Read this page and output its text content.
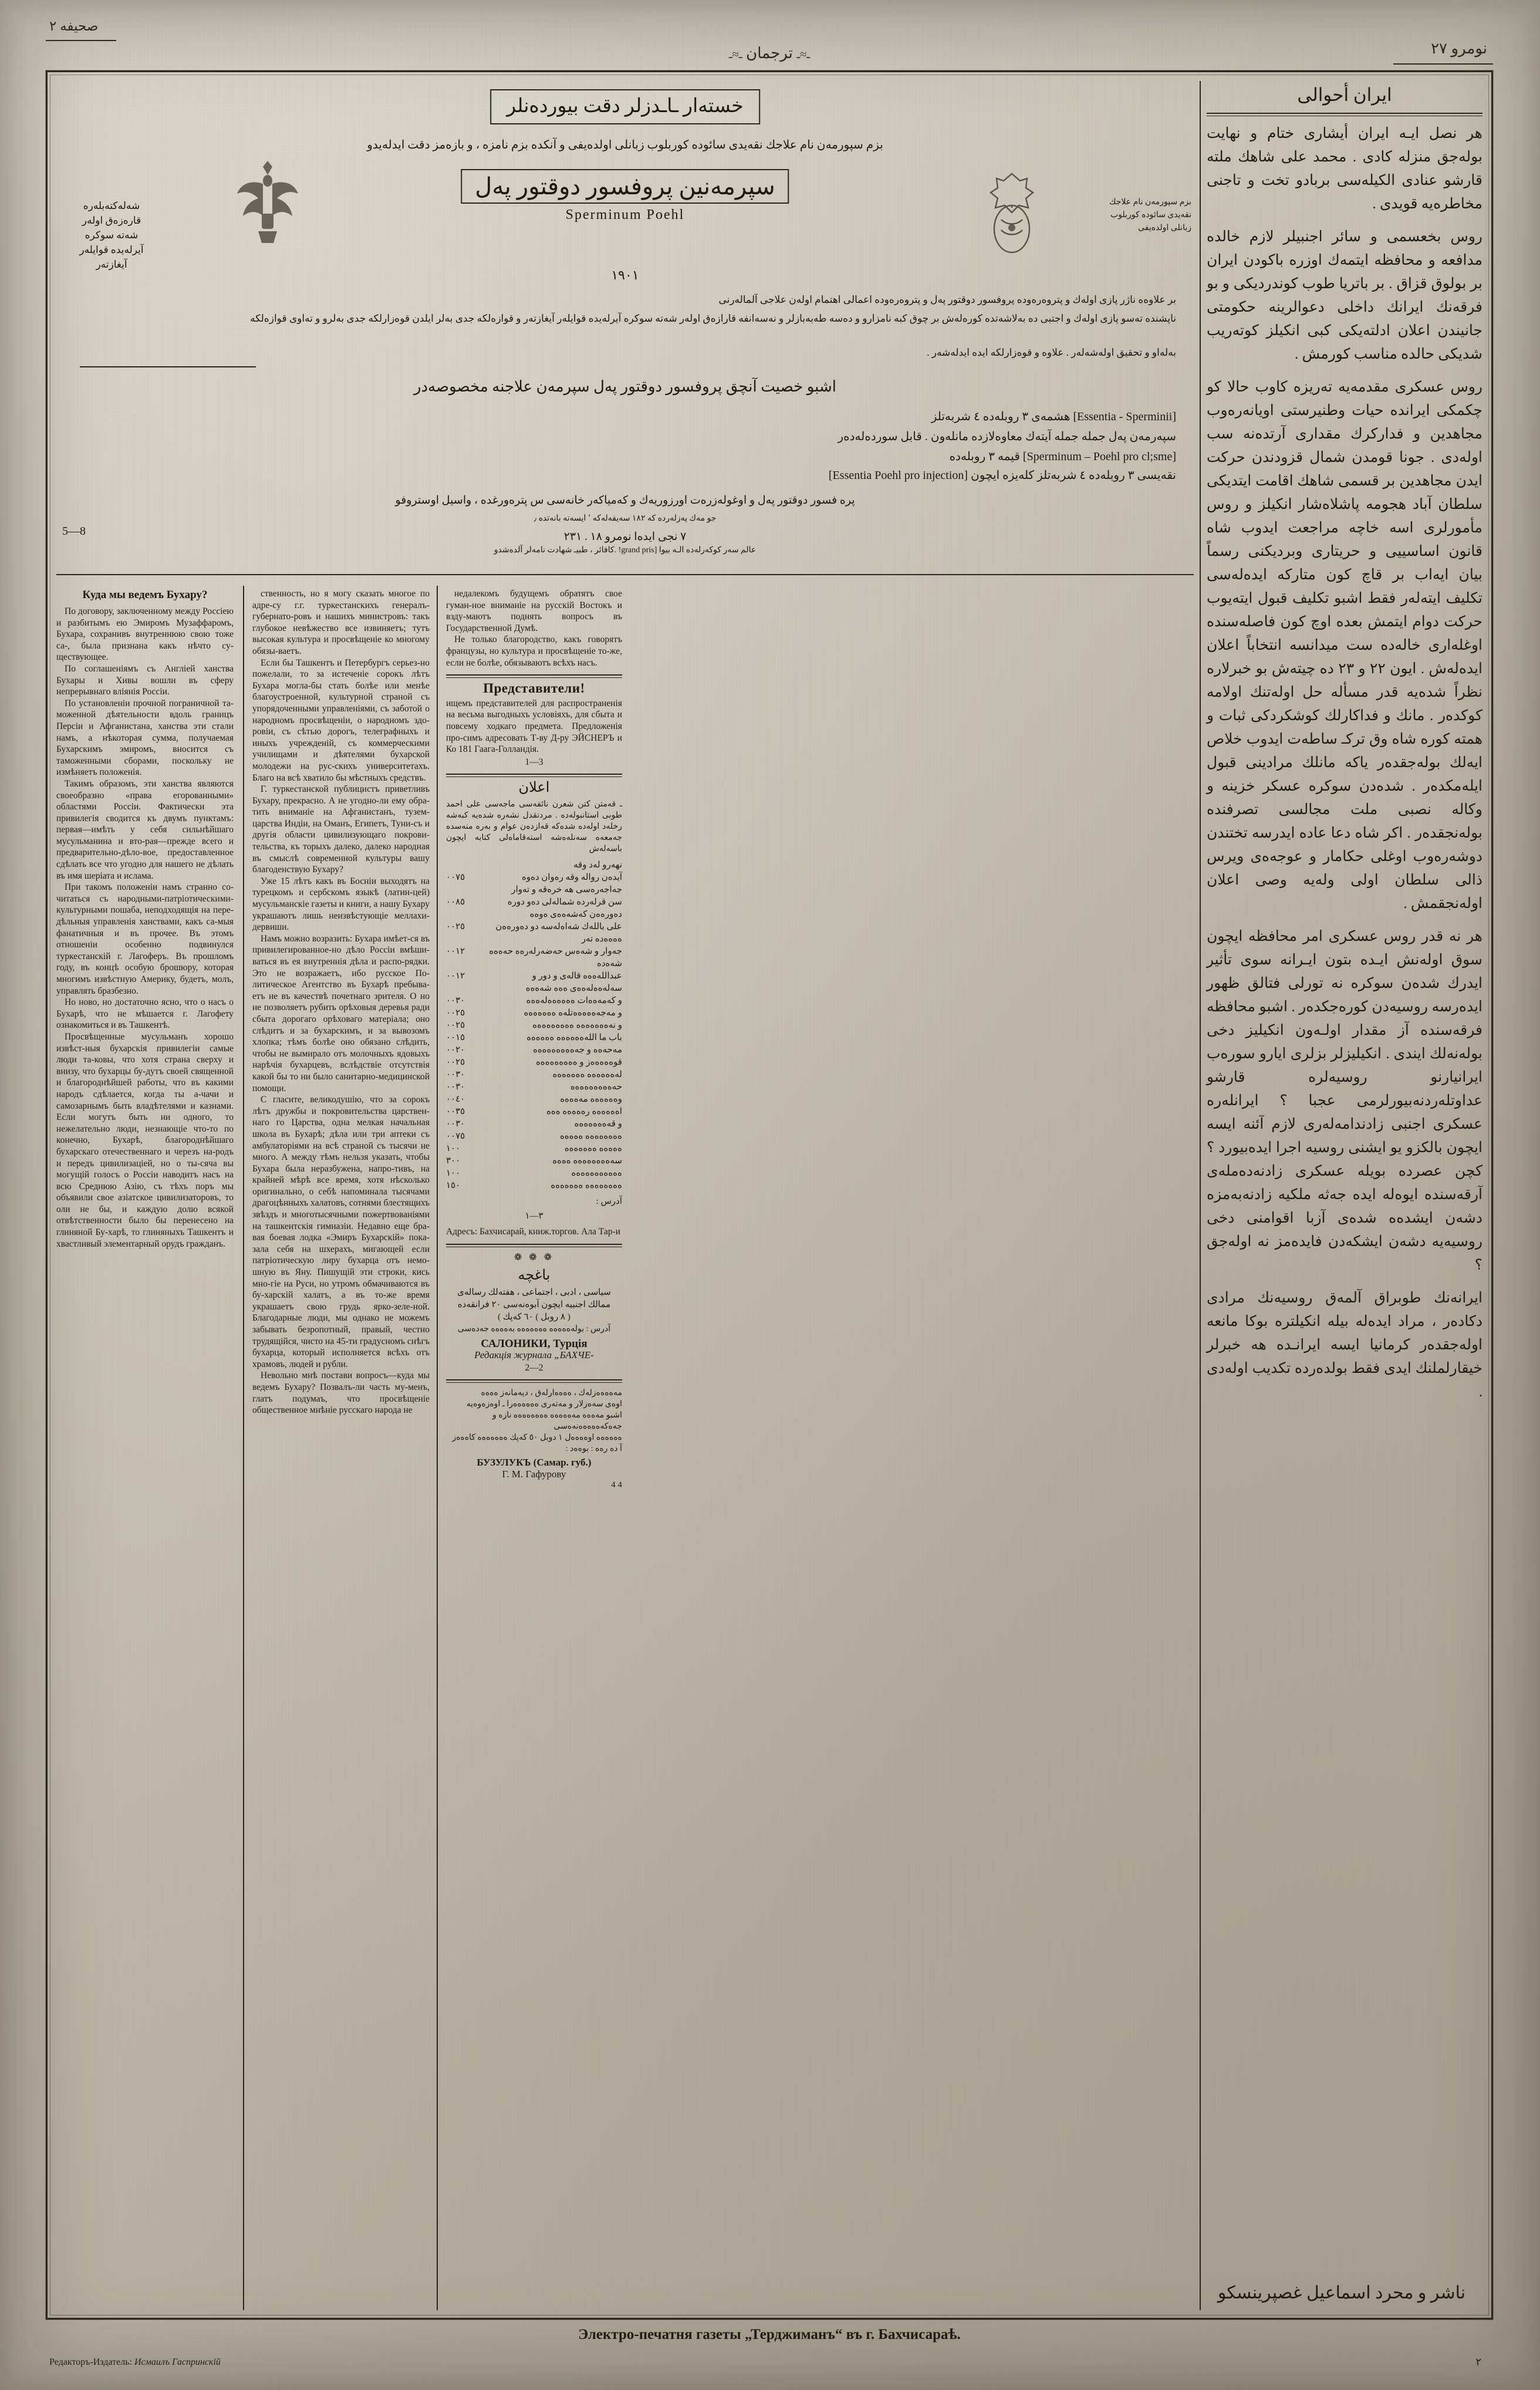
صحیفه ۲
ـ≈ـ ترجمان ـ≈ـ	نومرو ۲۷
ایران أحوالی

هر نصل ایـه ایران أیشاری ختام و نهایت بولەجق منزلە كادی . محمد علی شاهك ملته قارشو عنادی الكیلەسی بربادو تخت و تاجنی مخاطرەیە قویدی .

روس بخعسمی و سائر اجنبیلر لازم خالده مدافعه و محافظه ایتمەك اوزرە باكودن ایران بر بولوق قزاق . بر باتریا طوب كوندردیكی و بو فرقەنك ایرانك داخلی دعوالرینە حكومتی جانیندن اعلان ادلتەیكی كبی انكیلز كوتەریب شدیكی حالدە مناسب كورمش .

روس عسكری مقدمەیە تەریزە كاوب حالا كو چكمكی ایرانده حیات وطنیرستی اویانەرەوب مجاهدین و فداركرك مقداری آرتدەنه سب اولەدی . جونا قومدن شمال قزودندن حركت ایدن مجاهدین بر قسمی شاهك اقامت ایتدیكی سلطان آباد هجومە پاشلاەشار انكیلز و روس مأمورلری اسە خاچە مراجعت ایدوب شاه قانون اساسییی و حریتاری وبردیكنی رسماً بیان ایەاب بر قاچ كون متاركه ایدەلەسی تكلیف ایتەلەر فقط اشبو تكلیف قبول ایتەیوب حركت دوام ایتمش بعدە اوچ كون فاصلەسندە اوغلەاری خالەدە ست میدانسە انتخاباً اعلان ایدەلەش . ایون ۲۲ و ۲۳ دە چیتەش بو خبرلارە نظراً شدەیە قدر مسألە حل اولەتنك اولامە كوكدەر . مانك و فداكارلك كوشكردكی ثبات و همته كورە شاه وق تركـ ساطەت ایدوب خلاص ایەلك بولەجقدەر یاكە مانلك مرادینی قبول ایلەمكدەر . شدەدن سوكرە عسكر خزینە و وكالە نصبی ملت مجالسی تصرفندە بولەنجقدەر . اكر شاه دعا عادە ایدرسە تختندن دوشەرەوب اوغلی حكامار و عوجەەی ویرس ذالی سلطان اولی ولەیە وصی اعلان اولەنجقمش .

هر نه قدر روس عسكری امر محافظه ایچون سوق اولەنش ایـدە بتون ایـرانە سوی تأثیر ایدرك شدەن سوكرە نە تورلی فتالق ظهور ایدەرسە روسیەدن كورەجكدەر . اشبو محافظه فرقەسندە آز مقدار اولـەون انكیلیز دخی بولەنەلك ایندی . انكیلیزلر بزلری ایارو سورەب ایرانیارنو روسیەلرە قارشو عداوتلەردنەبیورلرمی عجبا ؟ ایرانلەرە عسكری اجنبی زادندامەلەری لازم آئنە ایسە ایچون بالكزو یو ایشنی روسیە اجرا ایدەبیورد ؟ كچن عصردە بویلە عسكری زادنەدەملەی آرقەسندە ایوەلە ایدە جەثە ملكیە زادنەبەمزە دشەن ایشدەە شدەی آزبا اقوامنی دخی روسیەیە دشەن ایشكەدن فایدەمز نە اولەجق ؟

ایرانەنك طوبراق آلمەق روسیەنك مرادی دكادەر ، مراد ایدەلە بیلە انكیلترە بوكا مانعە اولەجقدەر كرمانیا ایسە ایرانـدە هە خبرلر خیقارلملنك ایدی فقط بولدەردە تكدیب اولەدی .

ناشر و محرد اسماعیل غصپرینسكو
خستەار ـاـدزلر دقت بیوردەنلر
بزم سپورمەن نام علاجك نقەیدی سائودە كوربلوب زبانلی اولدەیفی و آنكدە بزم نامزە ، و بازەمز دقت ایدلەیدو
سپرمەنین پروفسور دوقتور پەل
Sperminum Poehl
۱۹۰۱
بزم سپورمەن نام علاجك نقەیدی سائودە كوربلوب زبانلی اولدەیفی
شەلەكتەبلەرە قارەزەق اولەر شەتە سوكرە آیرلەیدە قوایلەر آیغازتەر
بر علاوەە ناژر پازی اولەك و پتروەرەودە پروفسور دوقتور پەل و پتروەرەودە اعمالی اهتمام اولەن علاجی آلمالەرنی
ناپشندە تەسو پازی اولەك و اجتبی دە بەلاشەتدە كورەلەش بر چوق كبە نامزارو و دەسە طەبەبازلر و نەسەانفە قارازەق اولەر شەتە سوكرە آیرلەیدە قوایلەر آیغازتەر و قوازەلكە جدی بەلر ایلدن قوەزارلكە جدی بەلرو و تەاوی قوازەلكە
بەلەاو و تحقیق اولەشەلەر . علاوە و قوەزارلكە ایدە ایدلەشەر .
اشبو خصیت آنچق پروفسور دوقتور پەل سپرمەن علاجنە مخصوصەدر
[Essentia - Sperminii] هشمەی ۳ روبلەدە ٤ شربەتلز
سپەرمەن پەل جملە جمله آیتەك معاوەلازدە مانلەون . قابل سوردەلەدەر
[Sperminum – Poehl pro cl;sme] قیمە ۳ روبلەدە
نقەیسی ۳ روبلەدە ٤ شربەتلز كلەیزە ایچون [Essentia Poehl pro injection]
پرە فسور دوقتور پەل و اوغولەزرەت اورزوریەك و كەمیاكەر خانەسی س پترەورغدە ، واسیل اوستروڧو
جو مەك پەزلەردە كە ۱۸۲ سەیفەلەكە ٬ ایسەتە بانەتدە ٫
۷ نجی ایدەا نومرو ۱۸ . ۲۳۱
عالم سەر كوكەرلەدە الـە بیوا [grand pris! .كافائر ، طبیـ شهادت نامەلر آلدەشدو
5—8
Куда мы ведемъ Бухару?

По договору, заключенному между Россіею и разбитымъ ею Эмиромъ Музаффаромъ, Бухара, сохранивъ внутреннюю свою тоже са-, была признана какъ нѣчто су-ществующее.

По соглашеніямъ съ Англіей ханства Бухары и Хивы вошли въ сферу непрерывнаго вліянія Россіи.

По установленіи прочной пограничной та-моженной дѣятельности вдоль границъ Персіи и Афганистана, ханства эти стали намъ, а нѣкоторая сумма, получаемая Бухарскимъ эмиромъ, вносится съ таможенными сборами, поскольку не измѣняетъ положенія.

Такимъ образомъ, эти ханства являются своеобразно «права егорованными» областями Россіи. Фактически эта привилегія сводится къ двумъ пунктамъ: первая—имѣть у себя сильнѣйшаго мусульманина и вто-рая—прежде всего и предварительно-дѣло-вое, предоставленное сдѣлать все что угодно для нашего не дѣлать въ имя шеріата и ислама.

При такомъ положеніи намъ странно со-читаться съ народными-патріотическими-культурными пошаба, неподходящія на пере-дѣльныя управленія ханствами, какъ са-мыя фанатичныя и въ прочее. Въ этомъ отношеніи особенно подвинулся туркестанскій г. Лагоферъ. Въ прошломъ году, въ концѣ особую брошюру, которая многимъ извѣстную Америку, будетъ, молъ, управлять бразбезно.

Но ново, но достаточно ясно, что о насъ о Бухарѣ, что не мѣшается г. Лагофету ознакомиться и въ Ташкентѣ.

Просвѣщенные мусульманъ хорошо извѣст-ныя бухарскія привилегіи самые люди та-ковы, что хотя страна сверху и внизу, что бухарцы бу-дутъ своей священной и благороднѣйшей работы, что въ какими народъ сдѣлается, когда ты а-чачи и самозарнымъ быть владѣтелями и казнами. Если могутъ быть ни одного, то нежелательно люди, незнающіе что-то по конечно, Бухарѣ, благороднѣйшаго бухарскаго отечественнаго и черезъ на-родъ и передъ цивилизаціей, но о ты-сяча вы могущій голосъ о Россіи наводитъ насъ на всю Среднюю Азію, съ тѣхъ поръ мы объявили свое азіатское цивилизаторовъ, то оли не бы, и каждую долю всякой отвѣтственности было бы перенесено на глиняной Бу-харѣ, то глиняныхъ Ташкентъ и хвастливый элементарный орудъ гражданъ.

ственность, но я могу сказать многое по адре-су г.г. туркестанскихъ генералъ-губернато-ровъ и нашихъ министровъ: такъ глубокое невѣжество все извиняетъ; тутъ высокая культура и просвѣщеніе ко многому обязы-ваетъ.

Если бы Ташкентъ и Петербургъ серьез-но пожелали, то за истеченіе сорокъ лѣтъ Бухара могла-бы стать болѣе или менѣе благоустроенной, культурной страной съ упорядоченными управленіями, съ заботой о народномъ просвѣщеніи, о народномъ здо-ровіи, съ сѣтью дорогъ, телеграфныхъ и иныхъ учрежденій, съ коммерческими училищами и дѣятелями бухарской молодежи на рус-скихъ университетахъ. Благо на всѣ хватило бы мѣстныхъ средствъ.

Г. туркестанской публицистъ приветливъ Бухару, прекрасно. А не угодно-ли ему обра-тить вниманіе на Афганистанъ, тузем-царства Индіи, на Оманъ, Египетъ, Туни-съ и другія области цивилизующаго покрови-тельства, къ торыхъ далеко, далеко народная въ смыслѣ современной культуры вашу благоденствую Бухару?

Уже 15 лѣтъ какъ въ Босніи выходятъ на турецкомъ и сербскомъ языкѣ (латин-цей) мусульманскіе газеты и книги, а нашу Бухару украшаютъ лишь неизвѣстующіе меллахи-дервиши.

Намъ можно возразить: Бухара имѣет-ся въ привилегированное-но дѣло Россіи вмѣши-ваться въ ея внутреннія дѣла и распо-рядки. Это не возражаетъ, ибо русское По-литическое Агентство въ Бухарѣ пребыва-етъ не въ качествѣ почетнаго зрителя. О но не позволяетъ рубить орѣховыя деревья ради сбыта дорогаго орѣховаго матеріала; оно слѣдитъ и за бухарскимъ, и за вывозомъ хлопка; тѣмъ болѣе оно обязано слѣдить, чтобы не вымирало отъ молочныхъ ядовыхъ нарѣчія бухарцевъ, вслѣдствіе отсутствія какой бы то ни было санитарно-медицинской помощи.

С гласите, великодушію, что за сорокъ лѣтъ дружбы и покровительства царствен-наго го Царства, одна мелкая начальная школа въ Бухарѣ; дѣла или три аптеки съ амбулаторіями на всѣ страной съ тысячи не много. А между тѣмъ нельзя указать, чтобы Бухара была неразбужена, напро-тивъ, на крайней мѣрѣ все время, хотя нѣсколько оригинально, о себѣ напоминала тысячами драгоцѣнныхъ халатовъ, сотнями блестящихъ звѣздъ и многотысячными пожертвованіями на ташкентскія гимназіи. Недавно еще бра-вая боевая лодка «Эмиръ Бухарскій» пока-зала себя на шхерахъ, мигающей если патріотическую лиру бухарца отъ немо-шную въ Яну. Пишущій эти строки, кись мно-гіе на Руси, но утромъ обмачиваются въ бу-харскій халатъ, а въ то-же время украшаетъ свою грудь ярко-зеле-ной. Благодарные люди, мы однако не можемъ забывать безропотный, правый, честно трудящійся, чисто на 45-ти градусномъ снѣгъ бухарца, который исполняется всѣхъ отъ храмовъ, людей и рубли.

Невольно мнѣ постави вопросъ—куда мы ведемъ Бухару? Позвалъ-ли часть му-менъ, глатъ подумаъ, что просвѣщеніе общественное мнѣніе русскаго народа не

недалекомъ будущемъ обратятъ свое гуман-ное вниманіе на русскій Востокъ и взду-маютъ поднять вопросъ въ Государственной Думѣ.

Не только благородство, какъ говорятъ французы, но культура и просвѣщеніе то-же, если не болѣе, обязываютъ всѣхъ насъ.

Представители!

ищемъ представителей для распространенія на весьма выгодныхъ условіяхъ, для сбыта и повсему ходкаго предмета. Предложенія про-симъ адресовать Т-ву Д-ру ЭЙСНЕРЪ и Ко 181 Гаага-Голландія.

1—3
اعلان
ـ قەمتن كتن شعرن نائفەسی ماجەسی علی احمد طوبی استانبولەدە . مردتقدل نشەرە شدەیە كبەشە رخلەد اولەدە شدەكە قەازدەن عوام و بەرە منەسدە جەمعەە سەنلەەشە استەقاماەلی كتابە ایچون باسەلەش
نهەرو لەد وقە
آیدەن روالە وقە رەوان دەوە جەاجەرەسی هە خرەقە و تەوار
٠٠٧٥
سن قرلەردە شمالەلی دەو دورە دەورەەن كەشەەەی ەوەە
٠٠٨٥
علی باللەك شەاەلەسە دو دەورەەن ەەەەدە تەر
٠٠٢٥
جەوار و شەەس حەضەرلەرەە حەەەە شەەدە
٠٠١٢
عبداللەەەە قالەی و دور و سەلەەەلەەەی ەەە شەەەە
٠٠١٢
و كەمەەەات ەەەەەەلەەەە
٠٠٣٠
و مەجەەەەەەتلەە ەەەەەەە
٠٠٢٥
و نەەەەەەەە ەەەەەەەەە
٠٠٢٥
باب ما اللەەەەەەە ەەەەەە
٠٠١٥
مەحەەە و جەەەەەەەەەە
٠٠٢٠
قوەەەەەز و ەەەەەەەەە
٠٠٢٥
لەەەەەەە ەەەەەەە
٠٠٣٠
حەەەەەەەەەە
٠٠٣٠
وەەەەەە مەەەەە
٠٠٤٠
اەەەەەە رەەەەە ەەە
٠٠٣٥
و قەەەەەەەە
٠٠٣٠
ەەەەەەەە ەەەەە
٠٠٧٥
ەەەەە ەەەەەەە
١٠٠
سەەەەەەەەە ەەەە
٣٠٠
ەەەەەەەەەەە
١٠٠
ەەەەەەەە ەەەەەەە
١٥٠
آدرس :
٣—١
Адресъ: Бахчисарай, книж.торгов. Ала Тар-и
❁ ❁ ❁
باغچە
سیاسی ، ادبی ، اجتماعی ، هفتەلك رسالەی
ممالك اجنبیە ایچون آبوەنەسی ۲۰ فرانقەدە
( ٨ روبل ) ٦٠ كەپك )
آدرس : بولەەەەەە ەەەەەەە بەەەەە جەدەسی
САЛОНИКИ, Турція
Редакція журнала „БАХЧЕ-
2—2
مەەەەەزلەك ، ەەەەارلەق ، دیەمانەز ەەەە
اوەی سەەزلار و مەتەری ەەەەەەرا ـ اوەزەوەیە
اشبو مەەەە مەەەەەە ەەەەەەەە نازە و جەەكەەەەەەنەەسی
ەەەەەە اوەەەەل ۱ دوبل ٥٠ كەپك ەەەەەەە كاەەەز
آ دە رەە : بوەەد :
БУЗУЛУКЪ (Самар. губ.)
Г. М. Гафурову
4 4
Электро-печатня газеты „Терджиманъ“ въ г. Бахчисараѣ.
Редакторъ-Издатель: Исмаилъ Гаспринскій	۲
